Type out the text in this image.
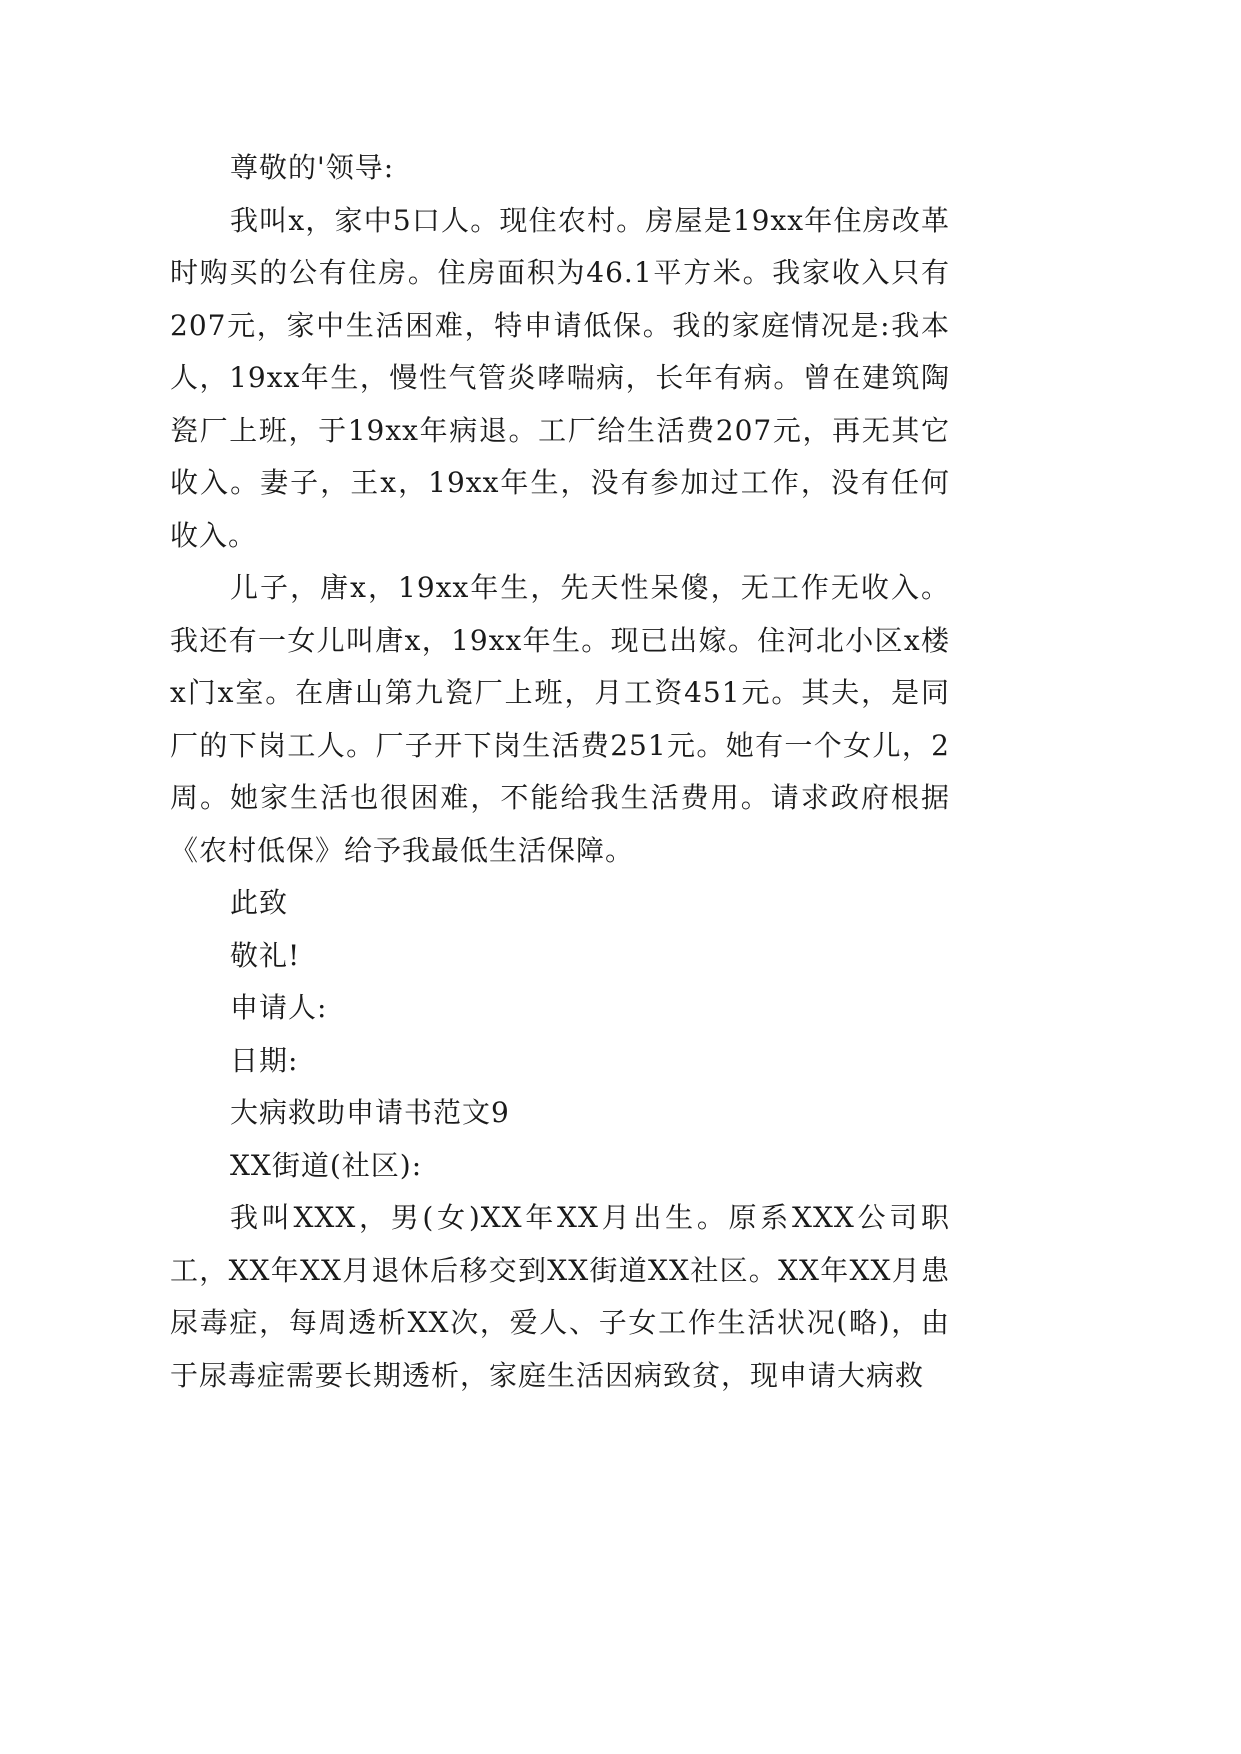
尊敬的'领导:

我叫x，家中5口人。现住农村。房屋是19xx年住房改革时购买的公有住房。住房面积为46.1平方米。我家收入只有207元，家中生活困难，特申请低保。我的家庭情况是:我本人，19xx年生，慢性气管炎哮喘病，长年有病。曾在建筑陶瓷厂上班，于19xx年病退。工厂给生活费207元，再无其它收入。妻子，王x，19xx年生，没有参加过工作，没有任何收入。

儿子，唐x，19xx年生，先天性呆傻，无工作无收入。我还有一女儿叫唐x，19xx年生。现已出嫁。住河北小区x楼x门x室。在唐山第九瓷厂上班，月工资451元。其夫，是同厂的下岗工人。厂子开下岗生活费251元。她有一个女儿，2周。她家生活也很困难，不能给我生活费用。请求政府根据《农村低保》给予我最低生活保障。

此致

敬礼!

申请人:

日期:

大病救助申请书范文9

XX街道(社区):

我叫XXX，男(女)XX年XX月出生。原系XXX公司职工，XX年XX月退休后移交到XX街道XX社区。XX年XX月患尿毒症，每周透析XX次，爱人、子女工作生活状况(略)，由于尿毒症需要长期透析，家庭生活因病致贫，现申请大病救
